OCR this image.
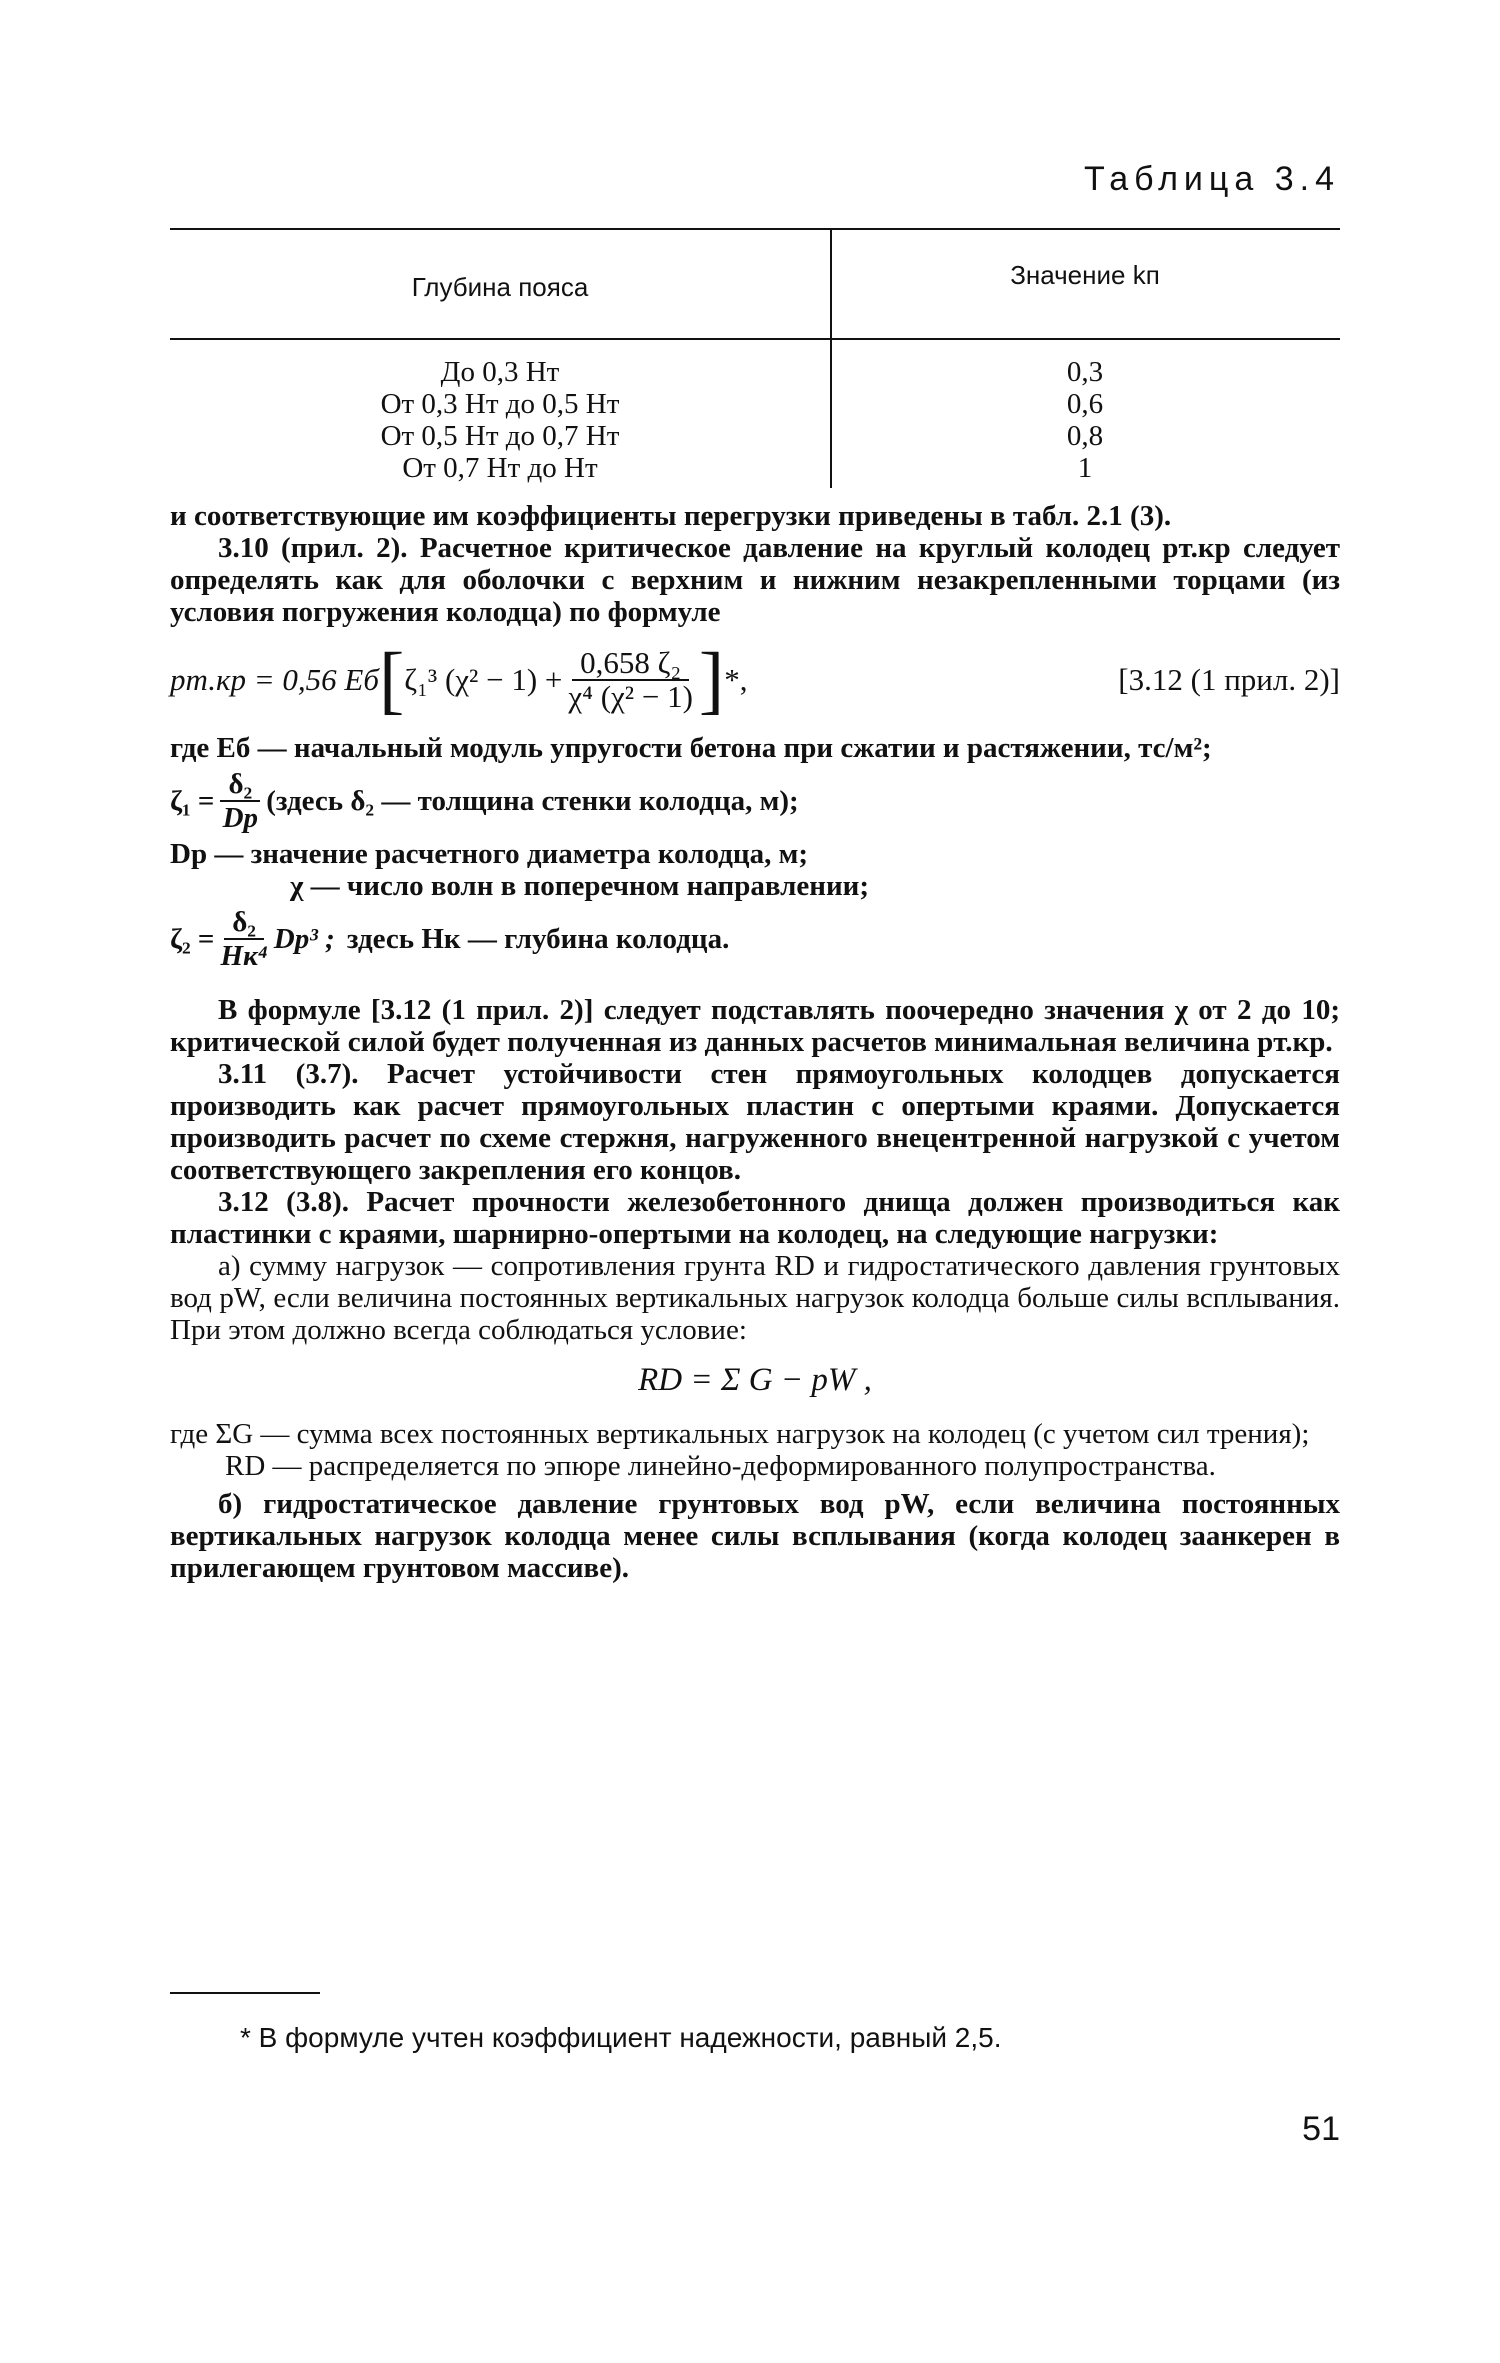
Таблица 3.4
Глубина пояса	Значение kп
До 0,3 Hт
От 0,3 Hт до 0,5 Hт
От 0,5 Hт до 0,7 Hт
От 0,7 Hт до Hт
0,3
0,6
0,8
1

и соответствующие им коэффициенты перегрузки приведены в табл. 2.1 (3).

3.10 (прил. 2). Расчетное критическое давление на круглый колодец pт.кр следует определять как для оболочки с верхним и нижним незакрепленными торцами (из условия погружения колодца) по формуле

pт.кр = 0,56 Eб [ ζ₁³ $(\chi^2 - 1) + \frac{\text{0,658 ζ₂}}{\text{χ⁴ (χ² − 1)}}$ ] *,	[3.12 (1 прил. 2)]

где Eб — начальный модуль упругости бетона при сжатии и растяжении, тс/м²;

$\zeta_1 = \frac{\text{δ₂}}{Dр}$ (здесь δ₂ — толщина стенки колодца, м);

Dр — значение расчетного диаметра колодца, м;

χ — число волн в поперечном направлении;

$\zeta_2 = \frac{\text{δ₂}}{\text{Hк⁴}} Dр^3$ ; здесь Hк — глубина колодца.

В формуле [3.12 (1 прил. 2)] следует подставлять поочередно значения χ от 2 до 10; критической силой будет полученная из данных расчетов минимальная величина pт.кр.

3.11 (3.7). Расчет устойчивости стен прямоугольных колодцев допускается производить как расчет прямоугольных пластин с опертыми краями. Допускается производить расчет по схеме стержня, нагруженного внецентренной нагрузкой с учетом соответствующего закрепления его концов.

3.12 (3.8). Расчет прочности железобетонного днища должен производиться как пластинки с краями, шарнирно-опертыми на колодец, на следующие нагрузки:

а) сумму нагрузок — сопротивления грунта RD и гидростатического давления грунтовых вод pW, если величина постоянных вертикальных нагрузок колодца больше силы всплывания. При этом должно всегда соблюдаться условие:

RD = Σ G − pW ,

где ΣG — сумма всех постоянных вертикальных нагрузок на колодец (с учетом сил трения);

RD — распределяется по эпюре линейно-деформированного полупространства.

б) гидростатическое давление грунтовых вод pW, если величина постоянных вертикальных нагрузок колодца менее силы всплывания (когда колодец заанкерен в прилегающем грунтовом массиве).

* В формуле учтен коэффициент надежности, равный 2,5.
51
